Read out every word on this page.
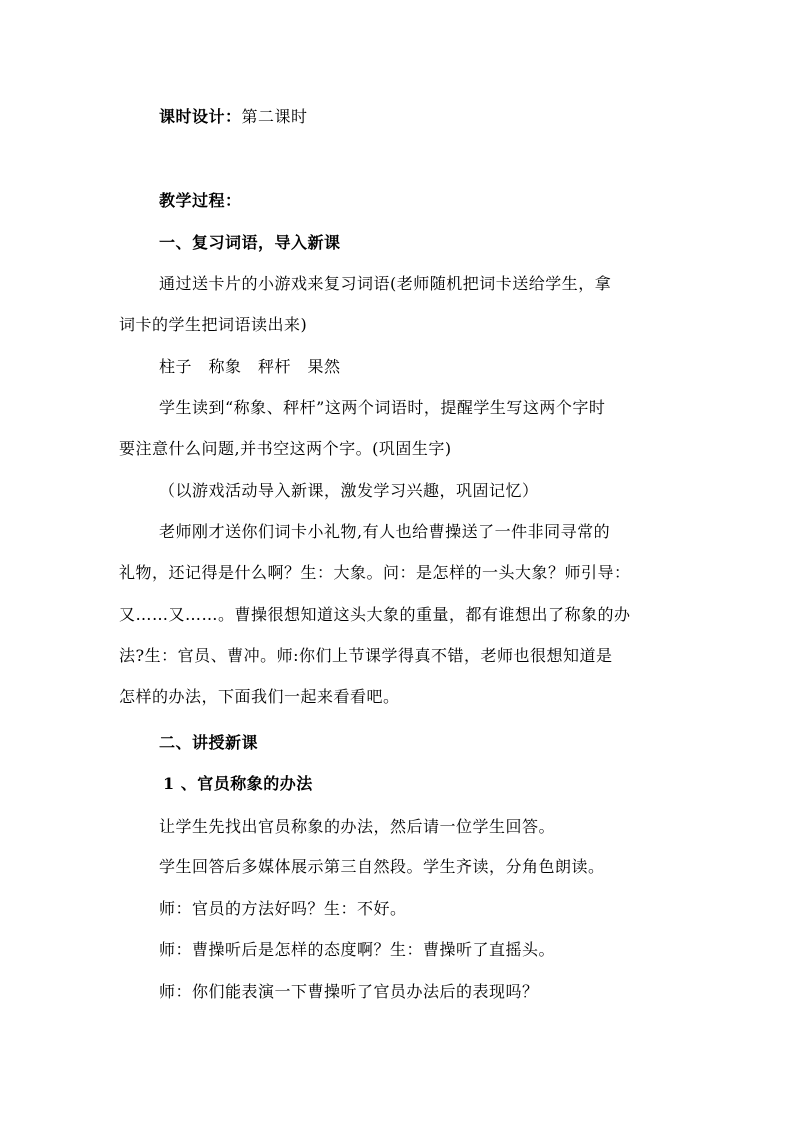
课时设计：第二课时
教学过程：
一、复习词语，导入新课
通过送卡片的小游戏来复习词语(老师随机把词卡送给学生，拿
词卡的学生把词语读出来)
柱子　称象　秤杆　果然
学生读到“称象、秤杆”这两个词语时，提醒学生写这两个字时
要注意什么问题,并书空这两个字。(巩固生字)
（以游戏活动导入新课，激发学习兴趣，巩固记忆）
老师刚才送你们词卡小礼物,有人也给曹操送了一件非同寻常的
礼物，还记得是什么啊？生：大象。问：是怎样的一头大象？师引导：
又……又……。曹操很想知道这头大象的重量，都有谁想出了称象的办
法?生：官员、曹冲。师:你们上节课学得真不错，老师也很想知道是
怎样的办法，下面我们一起来看看吧。
二、讲授新课
1 、官员称象的办法
让学生先找出官员称象的办法，然后请一位学生回答。
学生回答后多媒体展示第三自然段。学生齐读，分角色朗读。
师：官员的方法好吗？生：不好。
师：曹操听后是怎样的态度啊？生：曹操听了直摇头。
师：你们能表演一下曹操听了官员办法后的表现吗？
